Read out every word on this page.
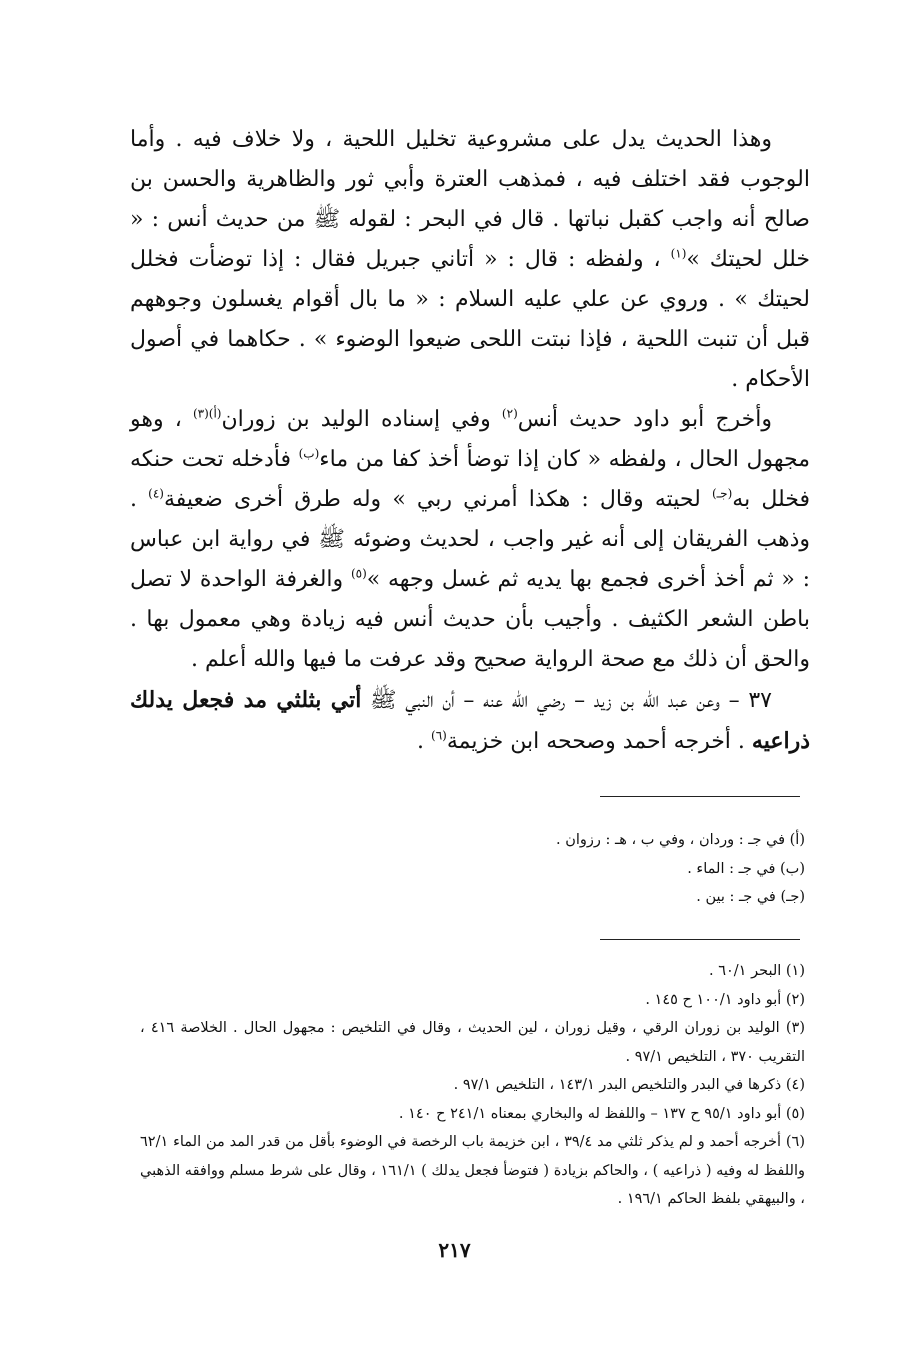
وهذا الحديث يدل على مشروعية تخليل اللحية ، ولا خلاف فيه . وأما الوجوب فقد اختلف فيه ، فمذهب العترة وأبي ثور والظاهرية والحسن بن صالح أنه واجب كقبل نباتها . قال في البحر : لقوله ﷺ من حديث أنس : « خلل لحيتك »$^{(١)}$ ، ولفظه : قال : « أتاني جبريل فقال : إذا توضأت فخلل لحيتك » . وروي عن علي عليه السلام : « ما بال أقوام يغسلون وجوههم قبل أن تنبت اللحية ، فإذا نبتت اللحى ضيعوا الوضوء » . حكاهما في أصول الأحكام .

وأخرج أبو داود حديث أنس$^{(٢)}$ وفي إسناده الوليد بن زوران$^{(أ)(٣)}$ ، وهو مجهول الحال ، ولفظه « كان إذا توضأ أخذ كفا من ماء$^{(ب)}$ فأدخله تحت حنكه فخلل به$^{(جـ)}$ لحيته وقال : هكذا أمرني ربي » وله طرق أخرى ضعيفة$^{(٤)}$ . وذهب الفريقان إلى أنه غير واجب ، لحديث وضوئه ﷺ في رواية ابن عباس : « ثم أخذ أخرى فجمع بها يديه ثم غسل وجهه »$^{(٥)}$ والغرفة الواحدة لا تصل باطن الشعر الكثيف . وأجيب بأن حديث أنس فيه زيادة وهي معمول بها . والحق أن ذلك مع صحة الرواية صحيح وقد عرفت ما فيها والله أعلم .

٣٧ – وعن عبد الله بن زيد – رضي الله عنه – أن النبي ﷺ أتي بثلثي مد فجعل يدلك ذراعيه . أخرجه أحمد وصححه ابن خزيمة$^{(٦)}$ .

(أ) في جـ : وردان ، وفي ب ، هـ : رزوان .
(ب) في جـ : الماء .
(جـ) في جـ : بين .
(١) البحر ٦٠/١ .
(٢) أبو داود ١٠٠/١ ح ١٤٥ .
(٣) الوليد بن زوران الرقي ، وقيل زوران ، لين الحديث ، وقال في التلخيص : مجهول الحال . الخلاصة ٤١٦ ، التقريب ٣٧٠ ، التلخيص ٩٧/١ .
(٤) ذكرها في البدر والتلخيص البدر ١٤٣/١ ، التلخيص ٩٧/١ .
(٥) أبو داود ٩٥/١ ح ١٣٧ – واللفظ له والبخاري بمعناه ٢٤١/١ ح ١٤٠ .
(٦) أخرجه أحمد و لم يذكر ثلثي مد ٣٩/٤ ، ابن خزيمة باب الرخصة في الوضوء بأقل من قدر المد من الماء ٦٢/١ واللفظ له وفيه ( ذراعيه ) ، والحاكم بزيادة ( فتوضأ فجعل يدلك ) ١٦١/١ ، وقال على شرط مسلم ووافقه الذهبي ، والبيهقي بلفظ الحاكم ١٩٦/١ .
٢١٧
